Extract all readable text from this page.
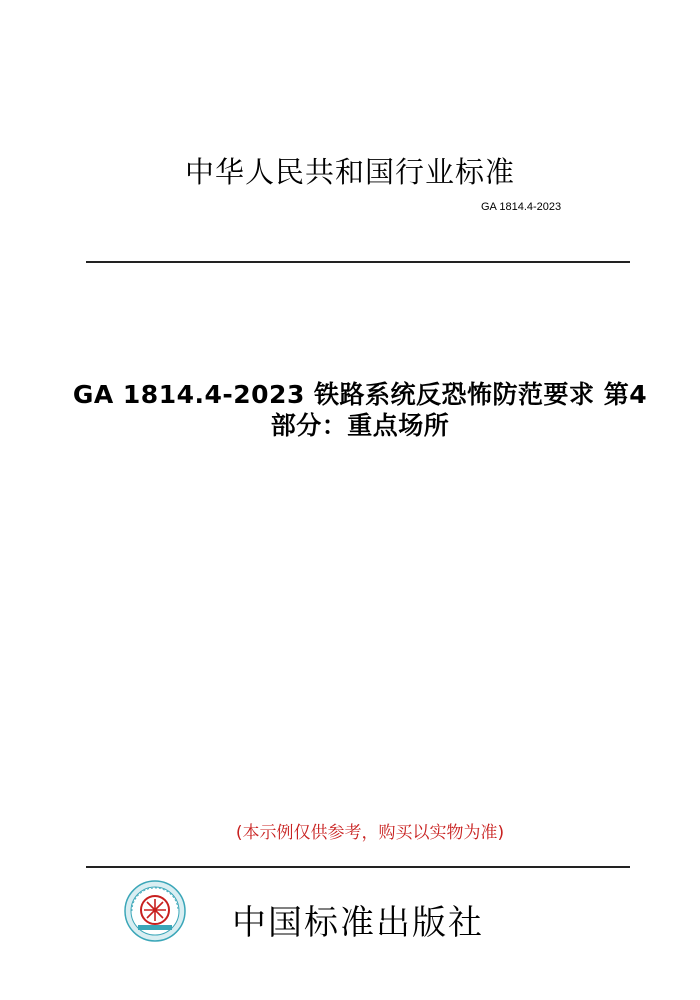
中华人民共和国行业标准
GA 1814.4-2023
GA 1814.4-2023 铁路系统反恐怖防范要求 第4
部分：重点场所
(本示例仅供参考，购买以实物为准)
中国标准出版社
